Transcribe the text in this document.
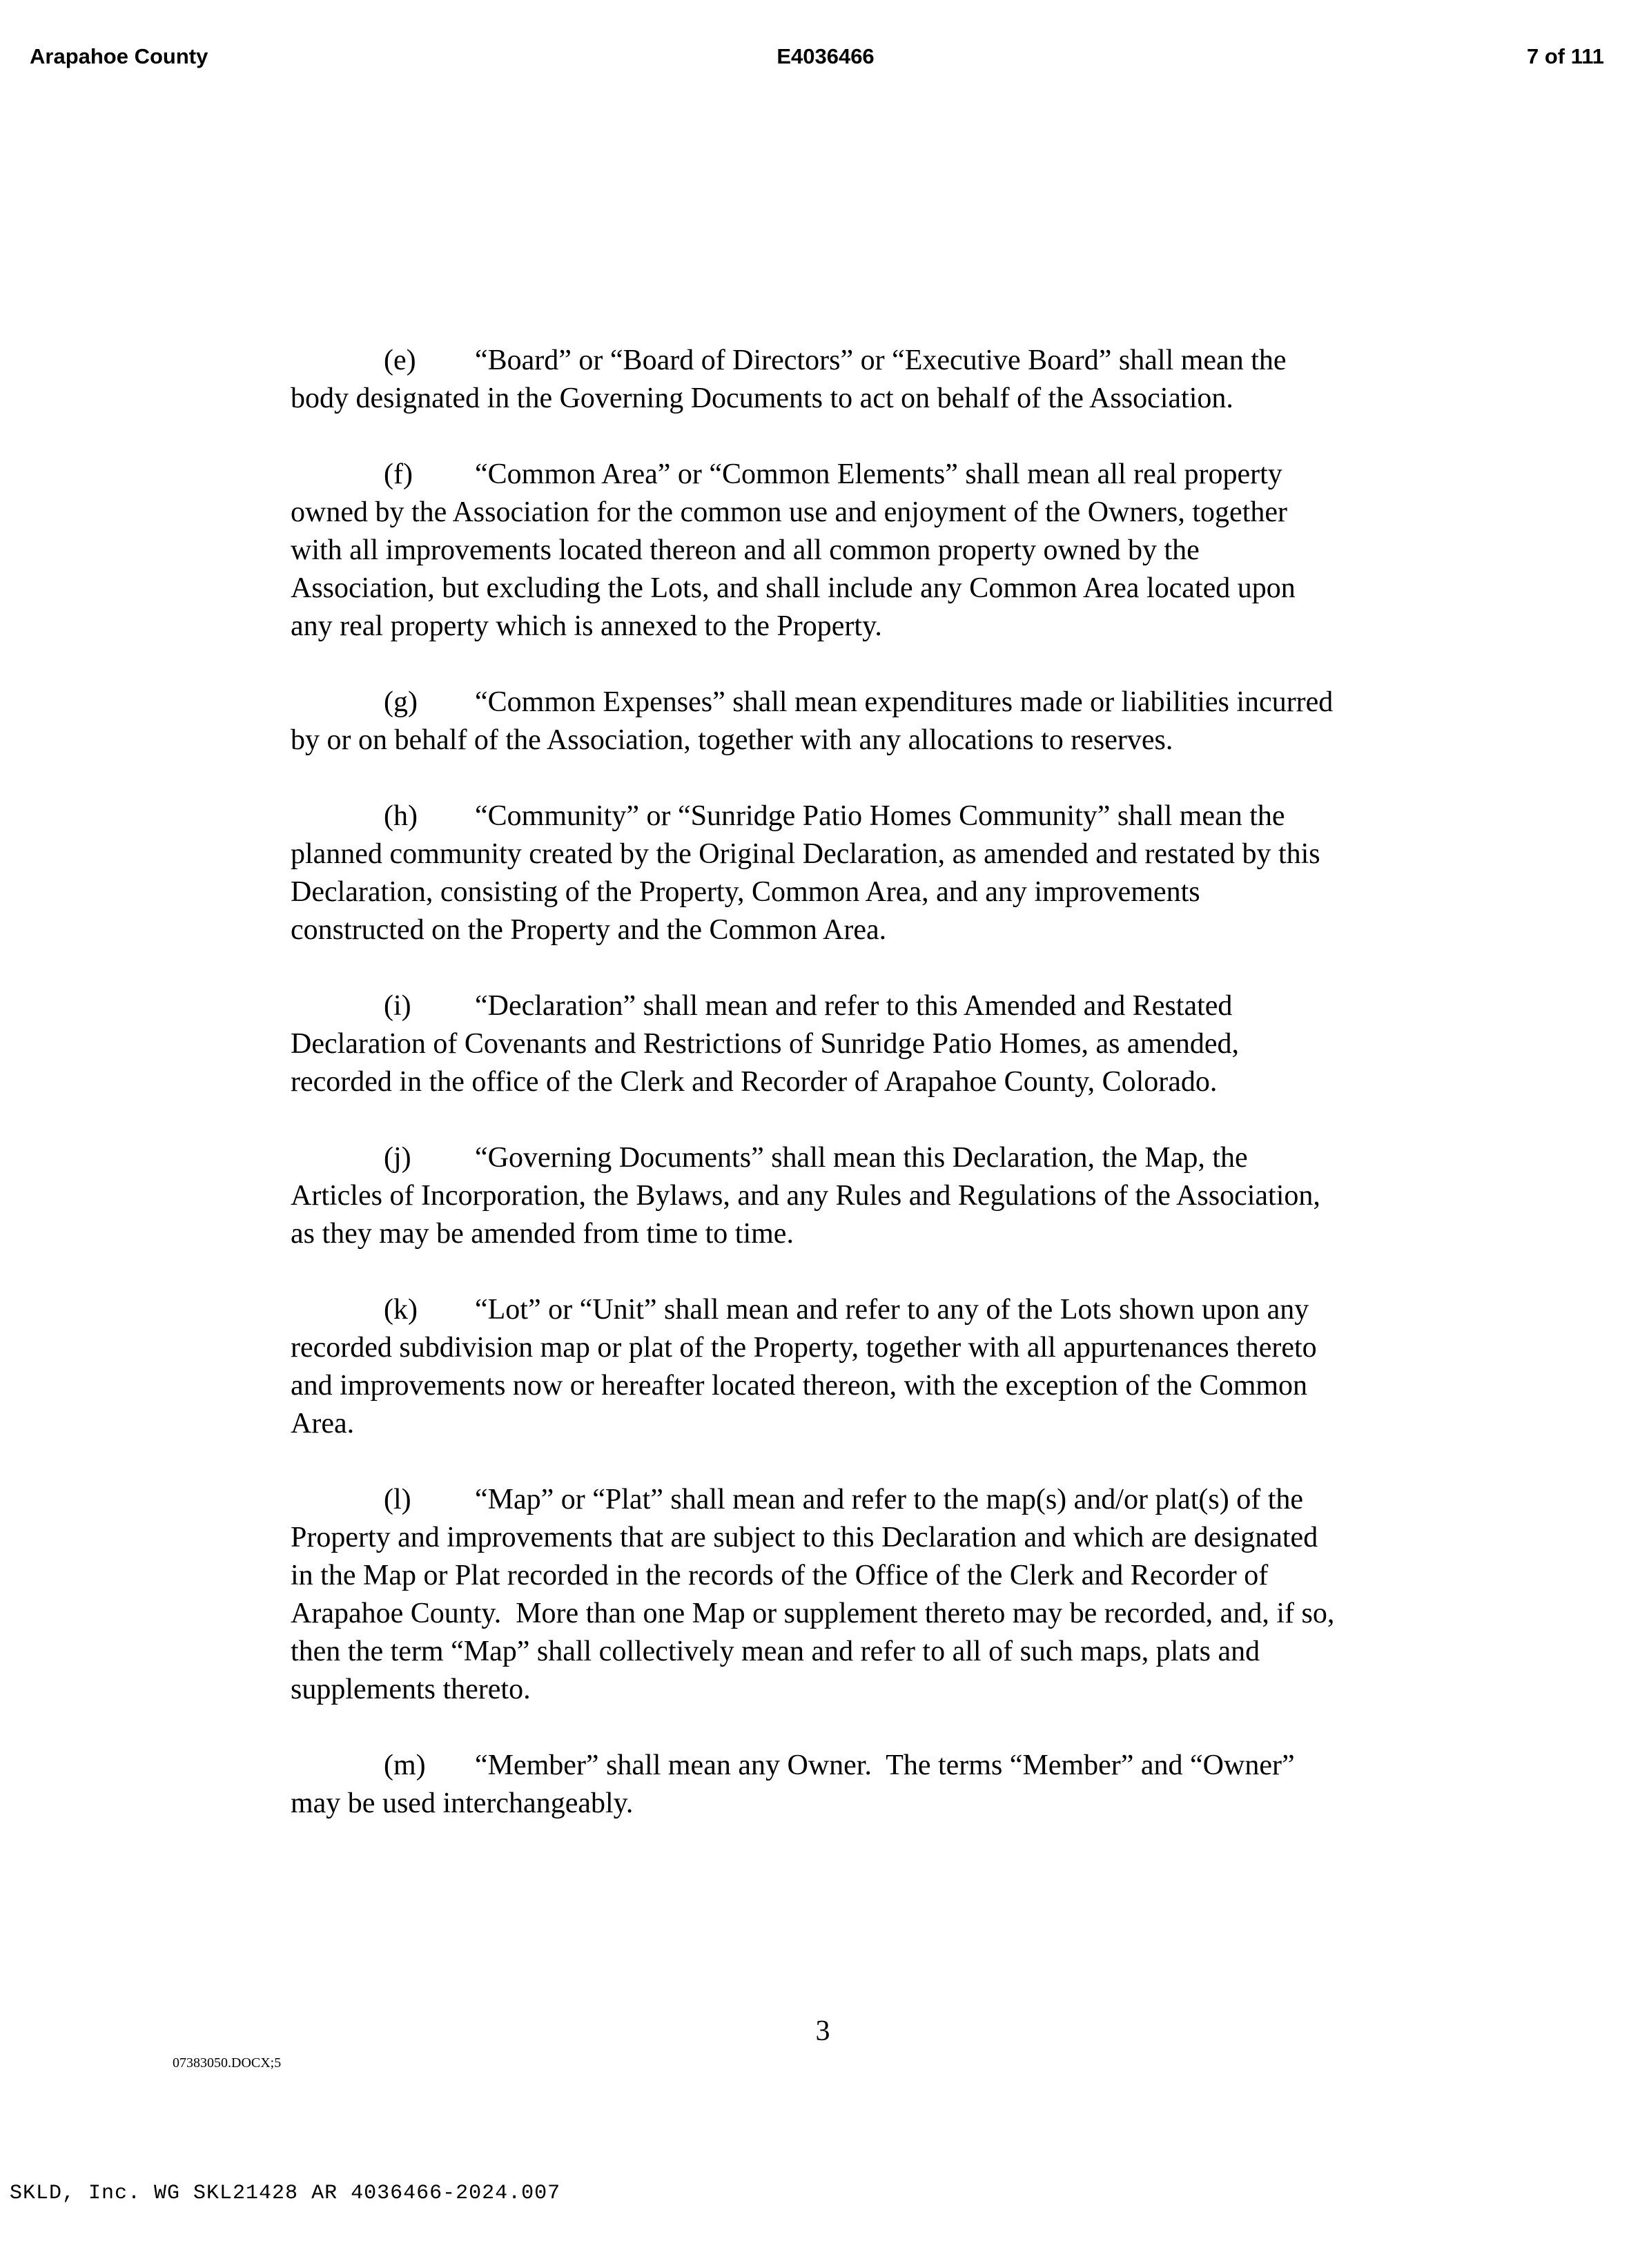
Arapahoe County	E4036466	7 of 111

(e) “Board” or “Board of Directors” or “Executive Board” shall mean the
body designated in the Governing Documents to act on behalf of the Association.

(f) “Common Area” or “Common Elements” shall mean all real property
owned by the Association for the common use and enjoyment of the Owners, together
with all improvements located thereon and all common property owned by the
Association, but excluding the Lots, and shall include any Common Area located upon
any real property which is annexed to the Property.

(g) “Common Expenses” shall mean expenditures made or liabilities incurred
by or on behalf of the Association, together with any allocations to reserves.

(h) “Community” or “Sunridge Patio Homes Community” shall mean the
planned community created by the Original Declaration, as amended and restated by this
Declaration, consisting of the Property, Common Area, and any improvements
constructed on the Property and the Common Area.

(i) “Declaration” shall mean and refer to this Amended and Restated
Declaration of Covenants and Restrictions of Sunridge Patio Homes, as amended,
recorded in the office of the Clerk and Recorder of Arapahoe County, Colorado.

(j) “Governing Documents” shall mean this Declaration, the Map, the
Articles of Incorporation, the Bylaws, and any Rules and Regulations of the Association,
as they may be amended from time to time.

(k) “Lot” or “Unit” shall mean and refer to any of the Lots shown upon any
recorded subdivision map or plat of the Property, together with all appurtenances thereto
and improvements now or hereafter located thereon, with the exception of the Common
Area.

(l) “Map” or “Plat” shall mean and refer to the map(s) and/or plat(s) of the
Property and improvements that are subject to this Declaration and which are designated
in the Map or Plat recorded in the records of the Office of the Clerk and Recorder of
Arapahoe County.  More than one Map or supplement thereto may be recorded, and, if so,
then the term “Map” shall collectively mean and refer to all of such maps, plats and
supplements thereto.

(m) “Member” shall mean any Owner.  The terms “Member” and “Owner”
may be used interchangeably.

3
07383050.DOCX;5
SKLD, Inc. WG SKL21428 AR 4036466-2024.007
